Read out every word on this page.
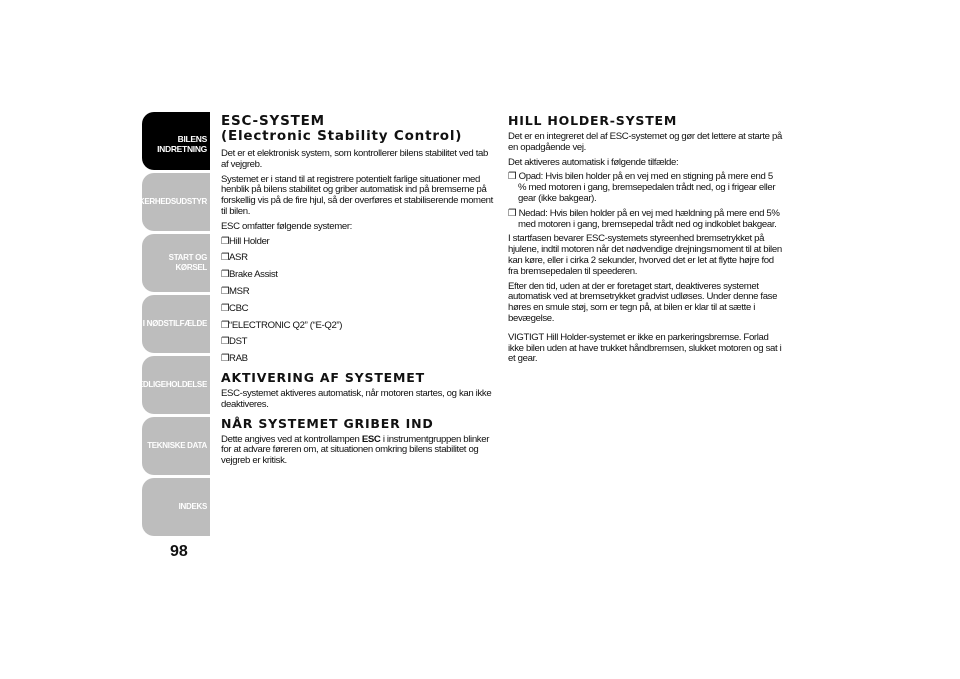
BILENS INDRETNING
SIKKERHEDSUDSTYR
START OG KØRSEL
I NØDSTILFÆLDE
VEDLIGEHOLDELSE
TEKNISKE DATA
INDEKS
98
ESC-SYSTEM
(Electronic Stability Control)

Det er et elektronisk system, som kontrollerer bilens stabilitet ved tab af vejgreb.

Systemet er i stand til at registrere potentielt farlige situationer med henblik på bilens stabilitet og griber automatisk ind på bremserne på forskellig vis på de fire hjul, så der overføres et stabiliserende moment til bilen.

ESC omfatter følgende systemer:

❒Hill Holder

❒ASR

❒Brake Assist

❒MSR

❒CBC

❒“ELECTRONIC Q2” (“E-Q2”)

❒DST

❒RAB

AKTIVERING AF SYSTEMET

ESC-systemet aktiveres automatisk, når motoren startes, og kan ikke deaktiveres.

NÅR SYSTEMET GRIBER IND

Dette angives ved at kontrollampen ESC i instrumentgruppen blinker for at advare føreren om, at situationen omkring bilens stabilitet og vejgreb er kritisk.

HILL HOLDER-SYSTEM

Det er en integreret del af ESC-systemet og gør det lettere at starte på en opadgående vej.

Det aktiveres automatisk i følgende tilfælde:

❒ Opad: Hvis bilen holder på en vej med en stigning på mere end 5 % med motoren i gang, bremsepedalen trådt ned, og i frigear eller gear (ikke bakgear).

❒ Nedad: Hvis bilen holder på en vej med hældning på mere end 5% med motoren i gang, bremsepedal trådt ned og indkoblet bakgear.

I startfasen bevarer ESC-systemets styreenhed bremsetrykket på hjulene, indtil motoren når det nødvendige drejningsmoment til at bilen kan køre, eller i cirka 2 sekunder, hvorved det er let at flytte højre fod fra bremsepedalen til speederen.

Efter den tid, uden at der er foretaget start, deaktiveres systemet automatisk ved at bremsetrykket gradvist udløses. Under denne fase høres en smule støj, som er tegn på, at bilen er klar til at sætte i bevægelse.

VIGTIGT Hill Holder-systemet er ikke en parkeringsbremse. Forlad ikke bilen uden at have trukket håndbremsen, slukket motoren og sat i et gear.
